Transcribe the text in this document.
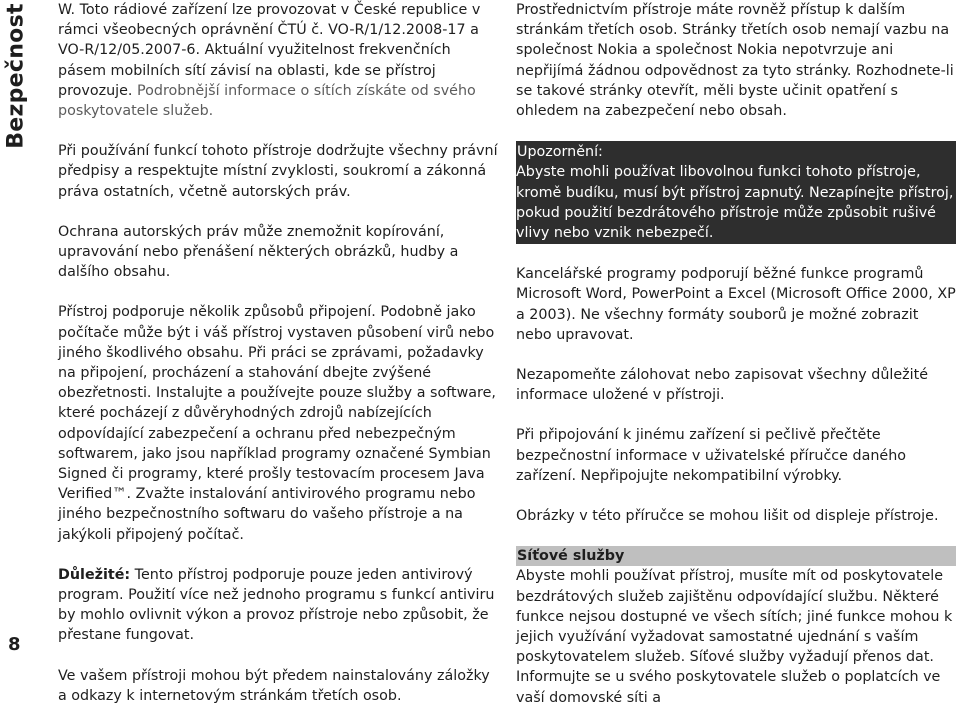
Bezpečnost
8

W. Toto rádiové zařízení lze provozovat v České republice v rámci všeobecných oprávnění ČTÚ č. VO-R/1/12.2008-17 a VO-R/12/05.2007-6. Aktuální využitelnost frekvenčních pásem mobilních sítí závisí na oblasti, kde se přístroj provozuje. Podrobnější informace o sítích získáte od svého poskytovatele služeb.

Při používání funkcí tohoto přístroje dodržujte všechny právní předpisy a respektujte místní zvyklosti, soukromí a zákonná práva ostatních, včetně autorských práv.

Ochrana autorských práv může znemožnit kopírování, upravování nebo přenášení některých obrázků, hudby a dalšího obsahu.

Přístroj podporuje několik způsobů připojení. Podobně jako počítače může být i váš přístroj vystaven působení virů nebo jiného škodlivého obsahu. Při práci se zprávami, požadavky na připojení, procházení a stahování dbejte zvýšené obezřetnosti. Instalujte a používejte pouze služby a software, které pocházejí z důvěryhodných zdrojů nabízejících odpovídající zabezpečení a ochranu před nebezpečným softwarem, jako jsou například programy označené Symbian Signed či programy, které prošly testovacím procesem Java Verified™. Zvažte instalování antivirového programu nebo jiného bezpečnostního softwaru do vašeho přístroje a na jakýkoli připojený počítač.

Důležité: Tento přístroj podporuje pouze jeden antivirový program. Použití více než jednoho programu s funkcí antiviru by mohlo ovlivnit výkon a provoz přístroje nebo způsobit, že přestane fungovat.

Ve vašem přístroji mohou být předem nainstalovány záložky a odkazy k internetovým stránkám třetích osob.

Prostřednictvím přístroje máte rovněž přístup k dalším stránkám třetích osob. Stránky třetích osob nemají vazbu na společnost Nokia a společnost Nokia nepotvrzuje ani nepřijímá žádnou odpovědnost za tyto stránky. Rozhodnete-li se takové stránky otevřít, měli byste učinit opatření s ohledem na zabezpečení nebo obsah.

Upozornění:
Abyste mohli používat libovolnou funkci tohoto přístroje, kromě budíku, musí být přístroj zapnutý. Nezapínejte přístroj, pokud použití bezdrátového přístroje může způsobit rušivé vlivy nebo vznik nebezpečí.

Kancelářské programy podporují běžné funkce programů Microsoft Word, PowerPoint a Excel (Microsoft Office 2000, XP a 2003). Ne všechny formáty souborů je možné zobrazit nebo upravovat.

Nezapomeňte zálohovat nebo zapisovat všechny důležité informace uložené v přístroji.

Při připojování k jinému zařízení si pečlivě přečtěte bezpečnostní informace v uživatelské příručce daného zařízení. Nepřipojujte nekompatibilní výrobky.

Obrázky v této příručce se mohou lišit od displeje přístroje.

Síťové služby

Abyste mohli používat přístroj, musíte mít od poskytovatele bezdrátových služeb zajištěnu odpovídající službu. Některé funkce nejsou dostupné ve všech sítích; jiné funkce mohou k jejich využívání vyžadovat samostatné ujednání s vaším poskytovatelem služeb. Síťové služby vyžadují přenos dat. Informujte se u svého poskytovatele služeb o poplatcích ve vaší domovské síti a
